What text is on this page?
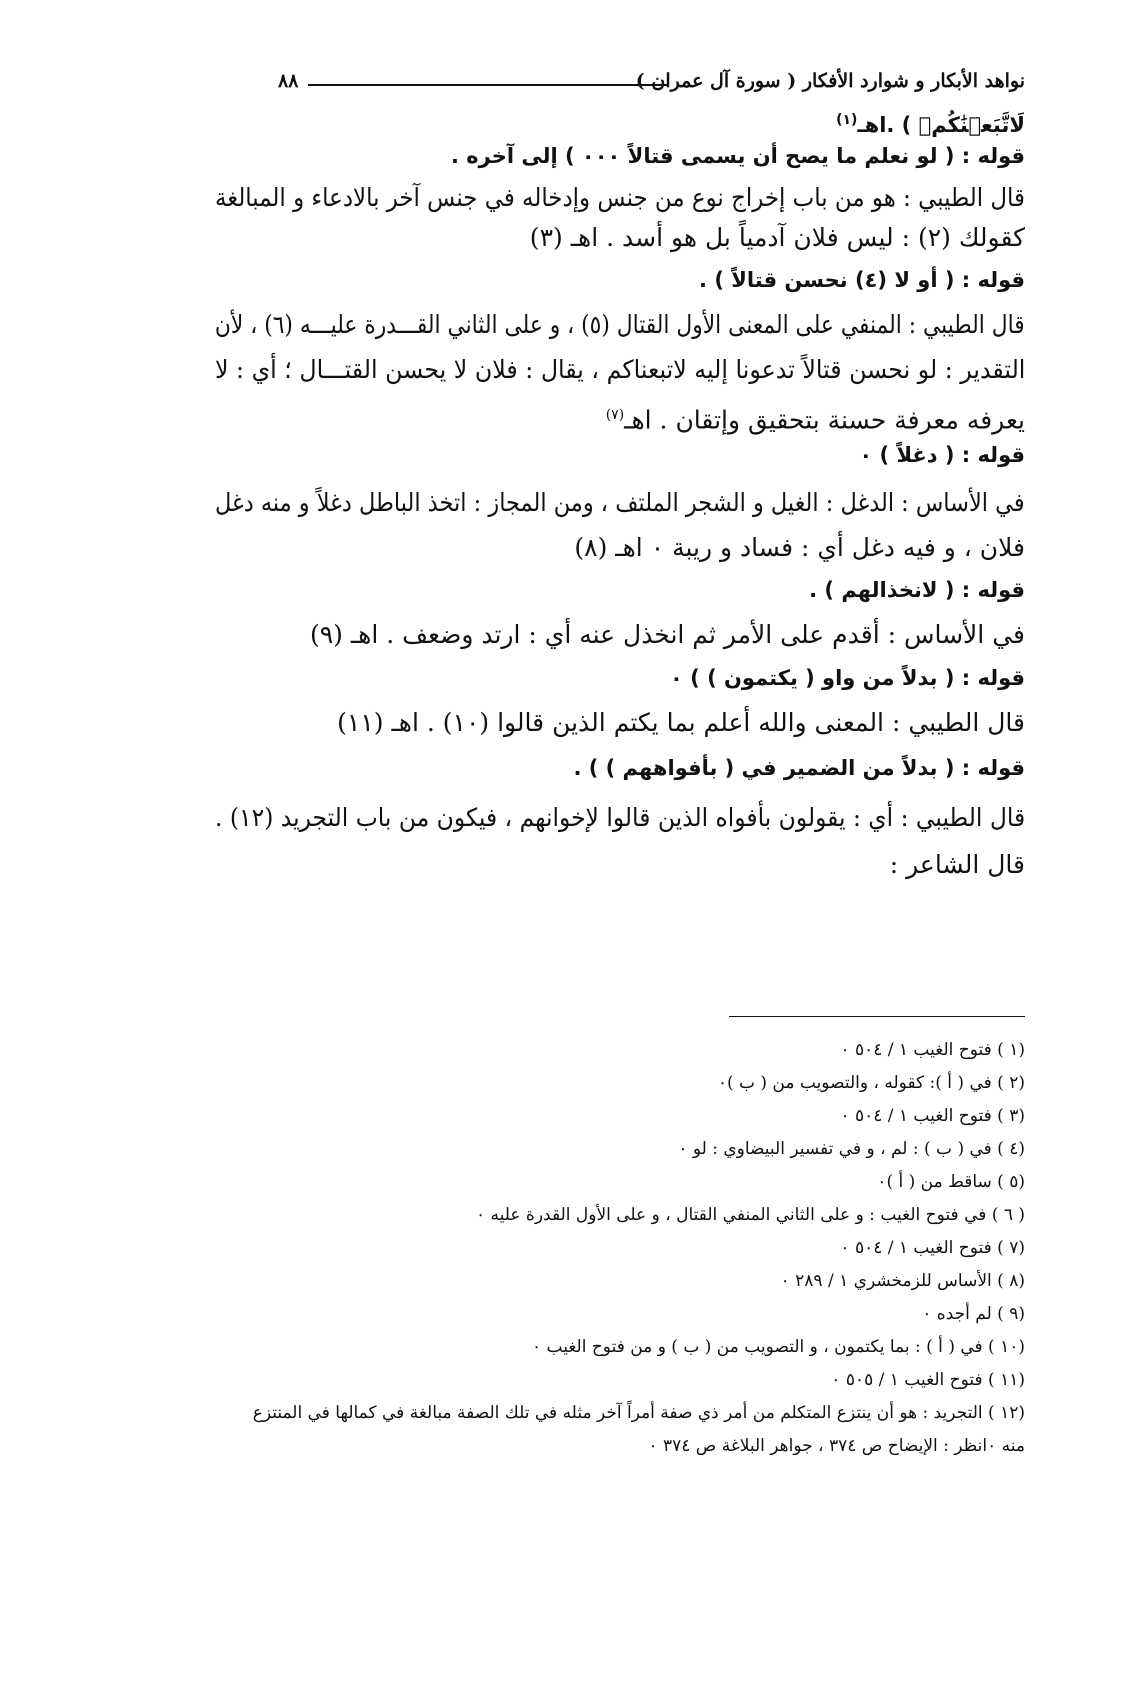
نواهد الأبكار و شوارد الأفكار ( سورة آل عمران )
٨٨
لَاتَّبَعۡنَٰكُمۡ ) .اهـ$^{(١)}$
قوله : ( لو نعلم ما يصح أن يسمى قتالاً ٠٠٠ ) إلى آخره .
قال الطيبي : هو من باب إخراج نوع من جنس وإدخاله في جنس آخر بالادعاء و المبالغة
كقولك (٢) : ليس فلان آدمياً بل هو أسد . اهـ (٣)
قوله : ( أو لا (٤) نحسن قتالاً ) .
قال الطيبي : المنفي على المعنى الأول القتال (٥) ، و على الثاني القـــدرة عليـــه (٦) ، لأن
التقدير : لو نحسن قتالاً تدعونا إليه لاتبعناكم ، يقال : فلان لا يحسن القتـــال ؛ أي : لا
يعرفه معرفة حسنة بتحقيق وإتقان . اهـ$^{(٧)}$
قوله : ( دغلاً ) ٠
في الأساس : الدغل : الغيل و الشجر الملتف ، ومن المجاز : اتخذ الباطل دغلاً و منه دغل
فلان ، و فيه دغل أي : فساد و ريبة ٠ اهـ (٨)
قوله : ( لانخذالهم ) .
في الأساس : أقدم على الأمر ثم انخذل عنه أي : ارتد وضعف . اهـ (٩)
قوله : ( بدلاً من واو ( يكتمون ) ) ٠
قال الطيبي : المعنى والله أعلم بما يكتم الذين قالوا (١٠) . اهـ (١١)
قوله : ( بدلاً من الضمير في ( بأفواههم ) ) .
قال الطيبي : أي : يقولون بأفواه الذين قالوا لإخوانهم ، فيكون من باب التجريد (١٢) .
قال الشاعر :
(١ ) فتوح الغيب ١ / ٥٠٤ ٠
(٢ ) في ( أ ): كقوله ، والتصويب من ( ب )٠
(٣ ) فتوح الغيب ١ / ٥٠٤ ٠
(٤ ) في ( ب ) : لم ، و في تفسير البيضاوي : لو ٠
(٥ ) ساقط من ( أ )٠
( ٦ ) في فتوح الغيب : و على الثاني المنفي القتال ، و على الأول القدرة عليه ٠
(٧ ) فتوح الغيب ١ / ٥٠٤ ٠
(٨ ) الأساس للزمخشري ١ / ٢٨٩ ٠
(٩ ) لم أجده ٠
(١٠ ) في ( أ ) : بما يكتمون ، و التصويب من ( ب ) و من فتوح الغيب ٠
(١١ ) فتوح الغيب ١ / ٥٠٥ ٠
(١٢ ) التجريد : هو أن ينتزع المتكلم من أمر ذي صفة أمراً آخر مثله في تلك الصفة مبالغة في كمالها في المنتزع
منه ٠انظر : الإيضاح ص ٣٧٤ ، جواهر البلاغة ص ٣٧٤ ٠
